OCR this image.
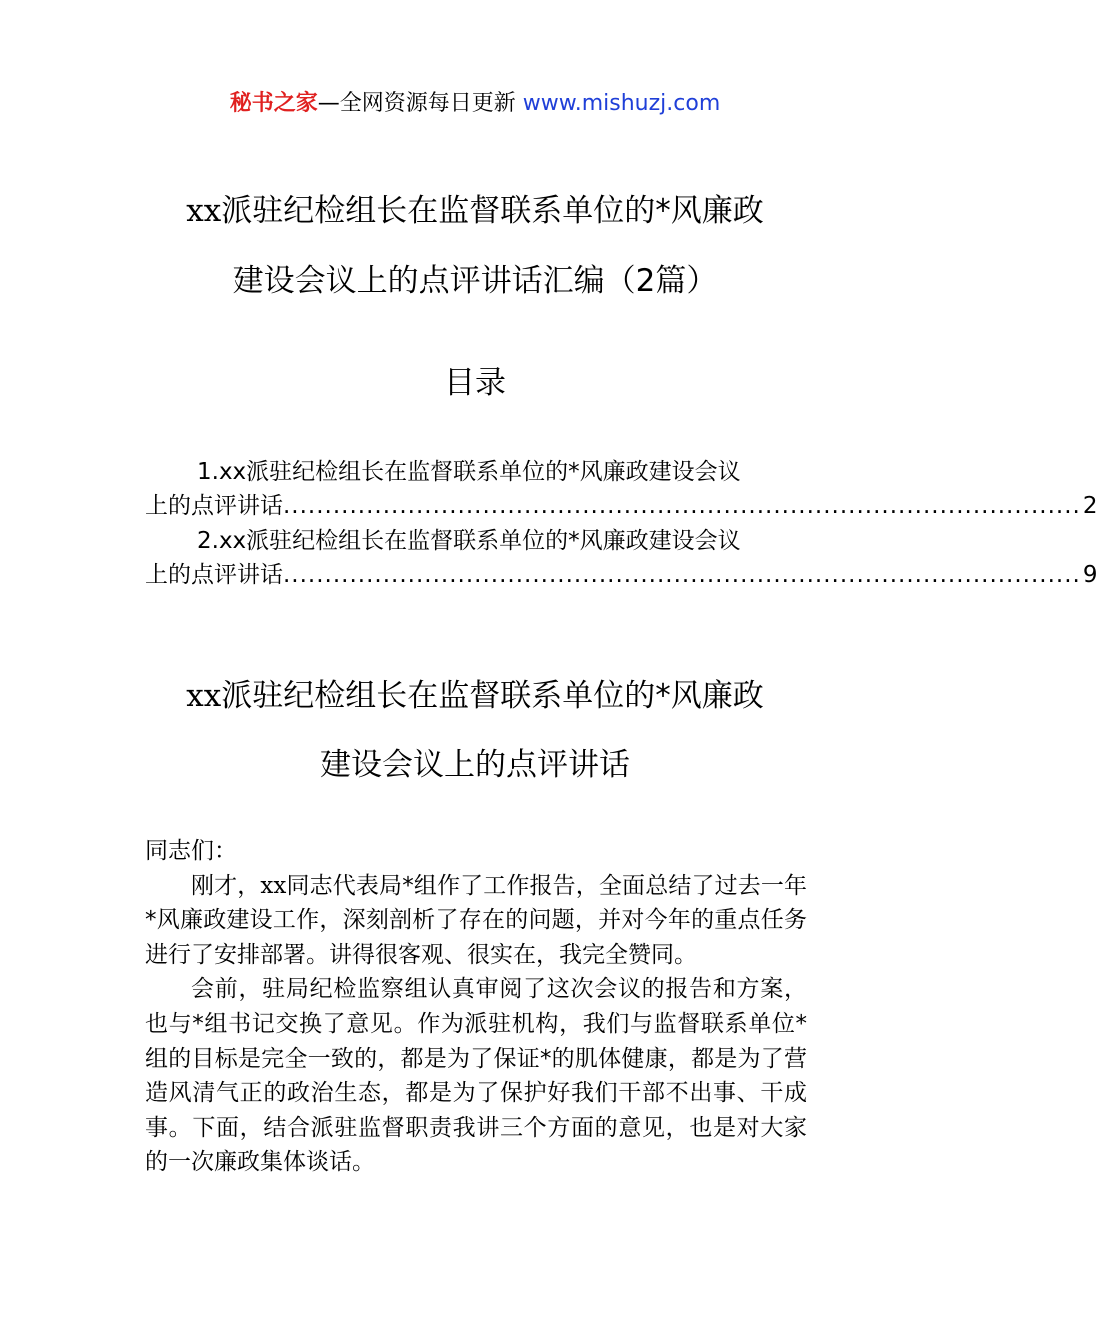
秘书之家—全网资源每日更新 www.mishuzj.com
xx派驻纪检组长在监督联系单位的*风廉政
建设会议上的点评讲话汇编（2篇）
目录
1.xx派驻纪检组长在监督联系单位的*风廉政建设会议
上的点评讲话 ................................................................................................ 2
2.xx派驻纪检组长在监督联系单位的*风廉政建设会议
上的点评讲话 ................................................................................................ 9
xx派驻纪检组长在监督联系单位的*风廉政
建设会议上的点评讲话

同志们：

刚才，xx同志代表局*组作了工作报告，全面总结了过去一年*风廉政建设工作，深刻剖析了存在的问题，并对今年的重点任务进行了安排部署。讲得很客观、很实在，我完全赞同。

会前，驻局纪检监察组认真审阅了这次会议的报告和方案，也与*组书记交换了意见。作为派驻机构，我们与监督联系单位*组的目标是完全一致的，都是为了保证*的肌体健康，都是为了营造风清气正的政治生态，都是为了保护好我们干部不出事、干成事。下面，结合派驻监督职责我讲三个方面的意见，也是对大家的一次廉政集体谈话。
